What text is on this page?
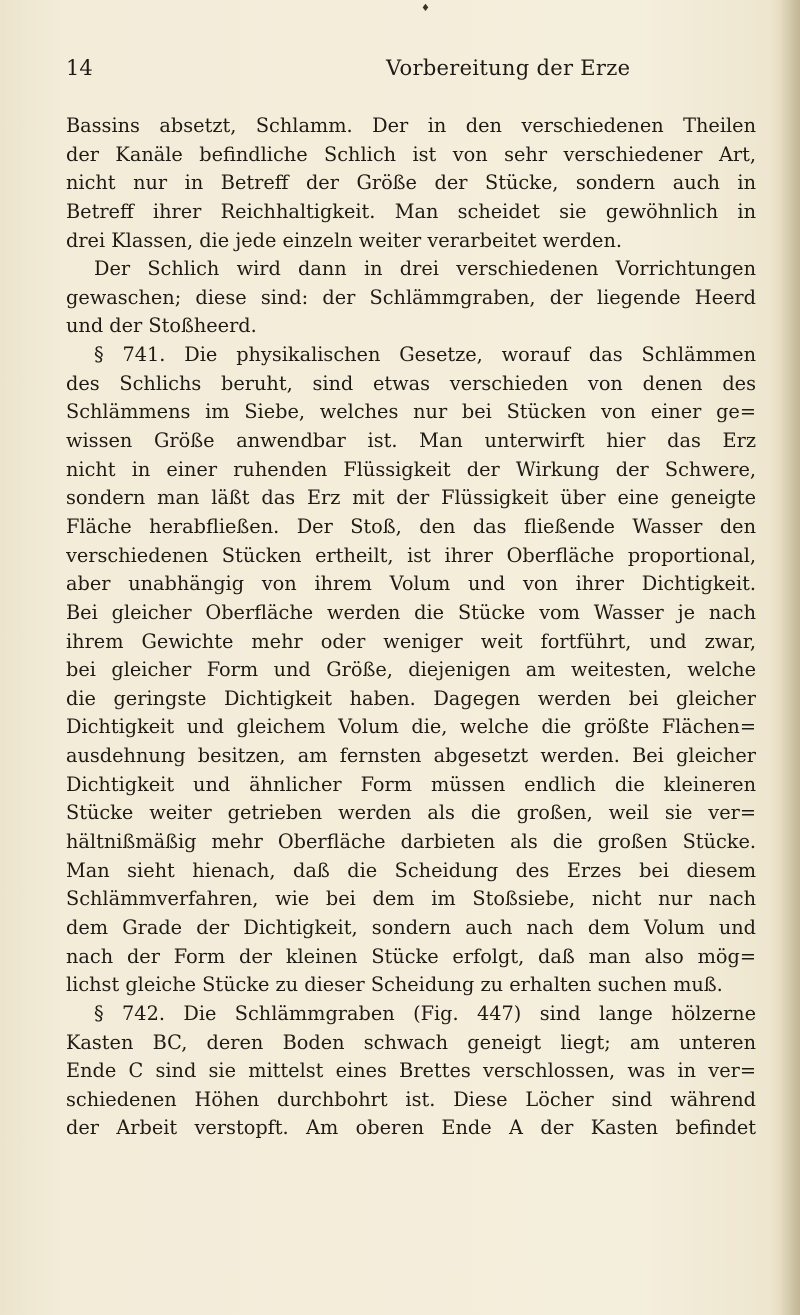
♦
14	Vorbereitung der Erze
Bassins absetzt, Schlamm. Der in den verschiedenen Theilen
der Kanäle befindliche Schlich ist von sehr verschiedener Art,
nicht nur in Betreff der Größe der Stücke, sondern auch in
Betreff ihrer Reichhaltigkeit. Man scheidet sie gewöhnlich in
drei Klassen, die jede einzeln weiter verarbeitet werden.
Der Schlich wird dann in drei verschiedenen Vorrichtungen
gewaschen; diese sind: der Schlämmgraben, der liegende Heerd
und der Stoßheerd.
§ 741. Die physikalischen Gesetze, worauf das Schlämmen
des Schlichs beruht, sind etwas verschieden von denen des
Schlämmens im Siebe, welches nur bei Stücken von einer ge=
wissen Größe anwendbar ist. Man unterwirft hier das Erz
nicht in einer ruhenden Flüssigkeit der Wirkung der Schwere,
sondern man läßt das Erz mit der Flüssigkeit über eine geneigte
Fläche herabfließen. Der Stoß, den das fließende Wasser den
verschiedenen Stücken ertheilt, ist ihrer Oberfläche proportional,
aber unabhängig von ihrem Volum und von ihrer Dichtigkeit.
Bei gleicher Oberfläche werden die Stücke vom Wasser je nach
ihrem Gewichte mehr oder weniger weit fortführt, und zwar,
bei gleicher Form und Größe, diejenigen am weitesten, welche
die geringste Dichtigkeit haben. Dagegen werden bei gleicher
Dichtigkeit und gleichem Volum die, welche die größte Flächen=
ausdehnung besitzen, am fernsten abgesetzt werden. Bei gleicher
Dichtigkeit und ähnlicher Form müssen endlich die kleineren
Stücke weiter getrieben werden als die großen, weil sie ver=
hältnißmäßig mehr Oberfläche darbieten als die großen Stücke.
Man sieht hienach, daß die Scheidung des Erzes bei diesem
Schlämmverfahren, wie bei dem im Stoßsiebe, nicht nur nach
dem Grade der Dichtigkeit, sondern auch nach dem Volum und
nach der Form der kleinen Stücke erfolgt, daß man also mög=
lichst gleiche Stücke zu dieser Scheidung zu erhalten suchen muß.
§ 742. Die Schlämmgraben (Fig. 447) sind lange hölzerne
Kasten BC, deren Boden schwach geneigt liegt; am unteren
Ende C sind sie mittelst eines Brettes verschlossen, was in ver=
schiedenen Höhen durchbohrt ist. Diese Löcher sind während
der Arbeit verstopft. Am oberen Ende A der Kasten befindet
